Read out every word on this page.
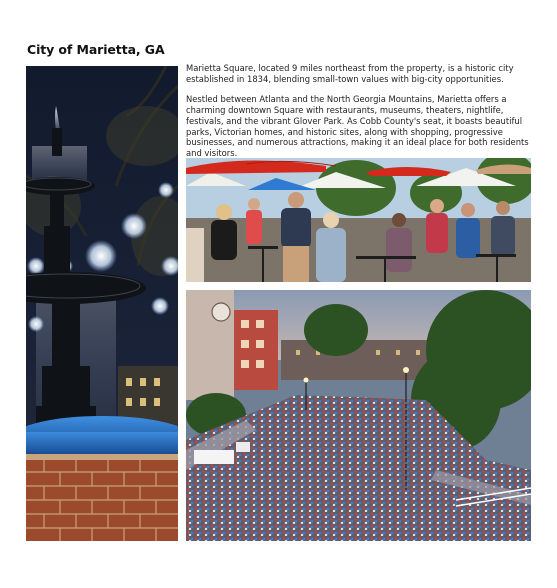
City of Marietta, GA

Marietta Square, located 9 miles northeast from the property, is a historic city established in 1834, blending small-town values with big-city opportunities.

Nestled between Atlanta and the North Georgia Mountains, Marietta offers a charming downtown Square with restaurants, museums, theaters, nightlife, festivals, and the vibrant Glover Park. As Cobb County's seat, it boasts beautiful parks, Victorian homes, and historic sites, along with shopping, progressive businesses, and numerous attractions, making it an ideal place for both residents and visitors.
